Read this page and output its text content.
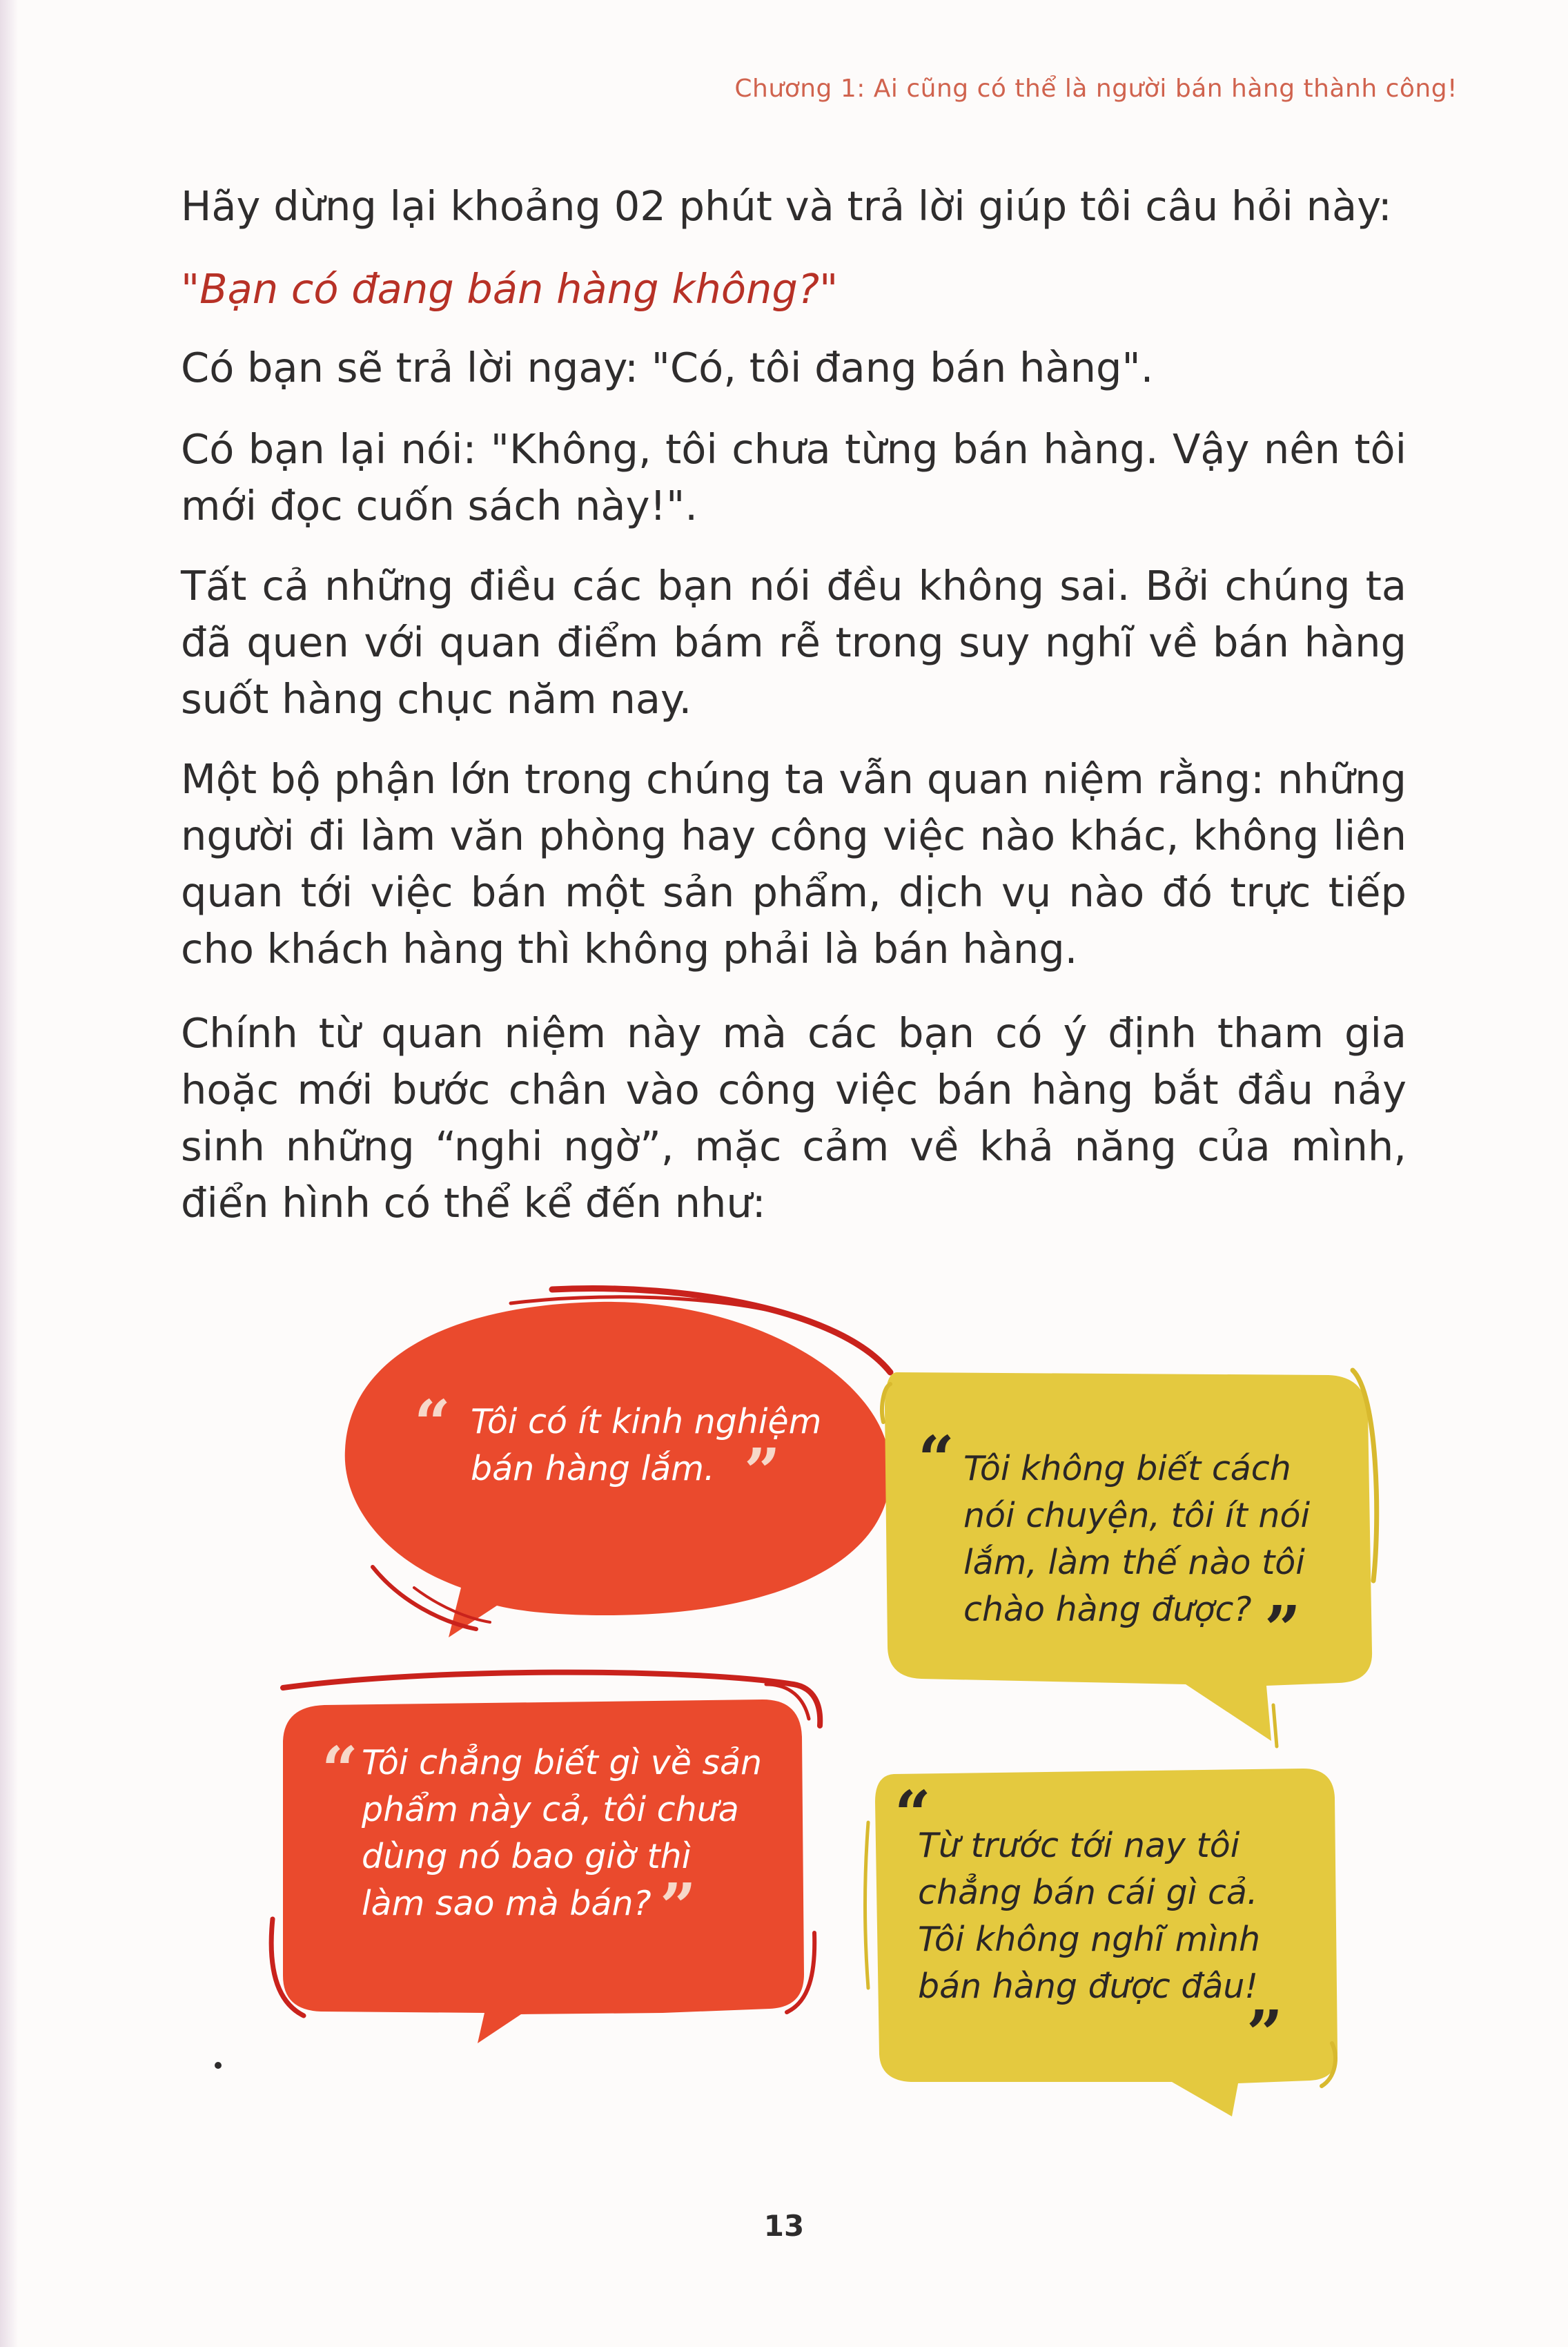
Chương 1: Ai cũng có thể là người bán hàng thành công!

Hãy dừng lại khoảng 02 phút và trả lời giúp tôi câu hỏi này:

"Bạn có đang bán hàng không?"

Có bạn sẽ trả lời ngay: "Có, tôi đang bán hàng".

Có bạn lại nói: "Không, tôi chưa từng bán hàng. Vậy nên tôi mới đọc cuốn sách này!".

Tất cả những điều các bạn nói đều không sai. Bởi chúng ta đã quen với quan điểm bám rễ trong suy nghĩ về bán hàng suốt hàng chục năm nay.

Một bộ phận lớn trong chúng ta vẫn quan niệm rằng: những người đi làm văn phòng hay công việc nào khác, không liên quan tới việc bán một sản phẩm, dịch vụ nào đó trực tiếp cho khách hàng thì không phải là bán hàng.

Chính từ quan niệm này mà các bạn có ý định tham gia hoặc mới bước chân vào công việc bán hàng bắt đầu nảy sinh những “nghi ngờ”, mặc cảm về khả năng của mình, điển hình có thể kể đến như:

“ Tôi có ít kinh nghiệm
bán hàng lắm. ” “ Tôi không biết cách
nói chuyện, tôi ít nói
lắm, làm thế nào tôi
chào hàng được? ”
“ Tôi chẳng biết gì về sản
phẩm này cả, tôi chưa
dùng nó bao giờ thì
làm sao mà bán? ”
“
Từ trước tới nay tôi
chẳng bán cái gì cả.
Tôi không nghĩ mình
bán hàng được đâu!
”
13
